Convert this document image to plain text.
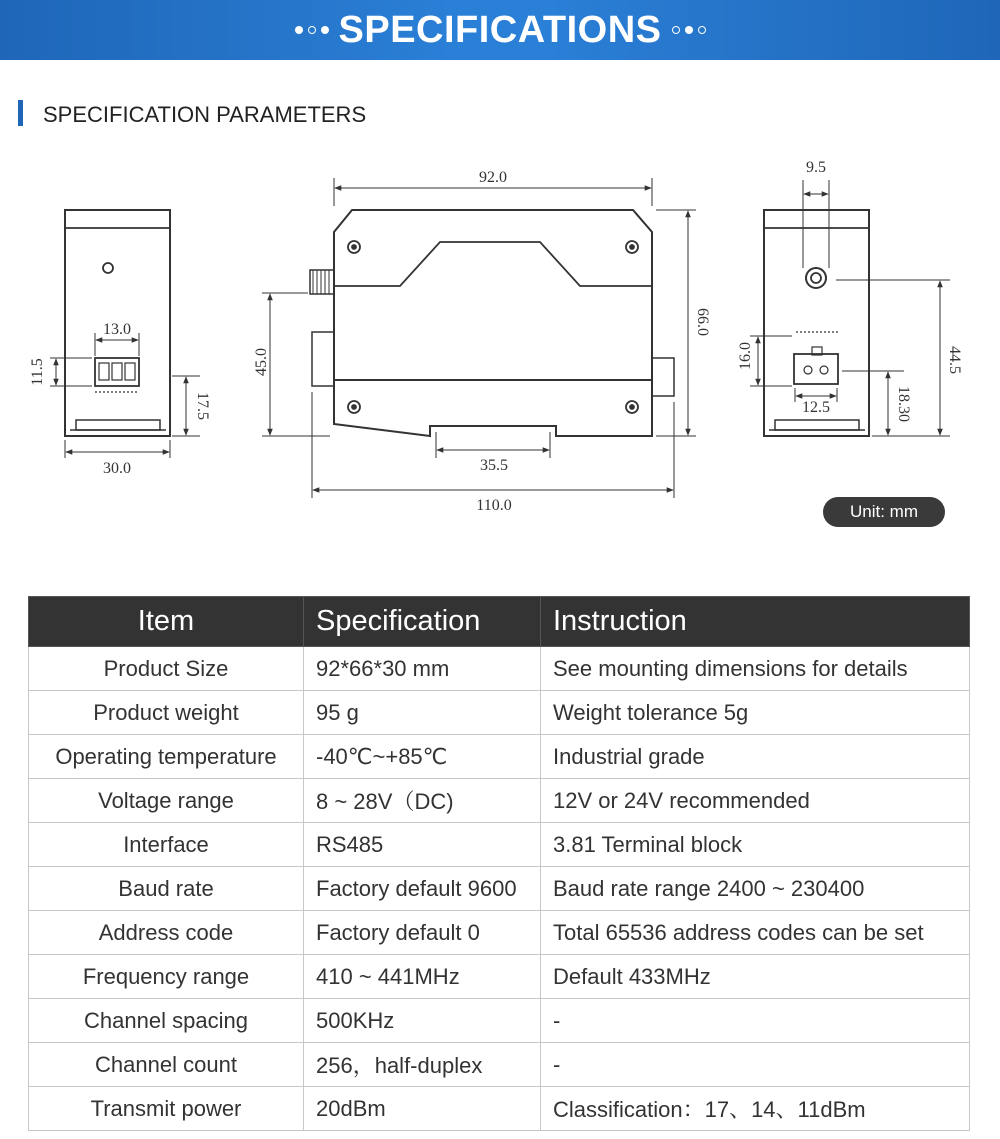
SPECIFICATIONS
SPECIFICATION PARAMETERS
30.0
13.0
11.5
17.5
92.0
66.0
45.0
35.5
110.0
9.5
16.0
12.5	18.30
44.5
Unit: mm
Item	Specification	Instruction
Product Size	92*66*30 mm	See mounting dimensions for details
Product weight	95 g	Weight tolerance 5g
Operating temperature	-40℃~+85℃	Industrial grade
Voltage range	8 ~ 28V（DC)	12V or 24V recommended
Interface	RS485	3.81 Terminal block
Baud rate	Factory default 9600	Baud rate range 2400 ~ 230400
Address code	Factory default 0	Total 65536 address codes can be set
Frequency range	410 ~ 441MHz	Default 433MHz
Channel spacing	500KHz	-
Channel count	256，half-duplex	-
Transmit power	20dBm	Classification：17、14、11dBm
